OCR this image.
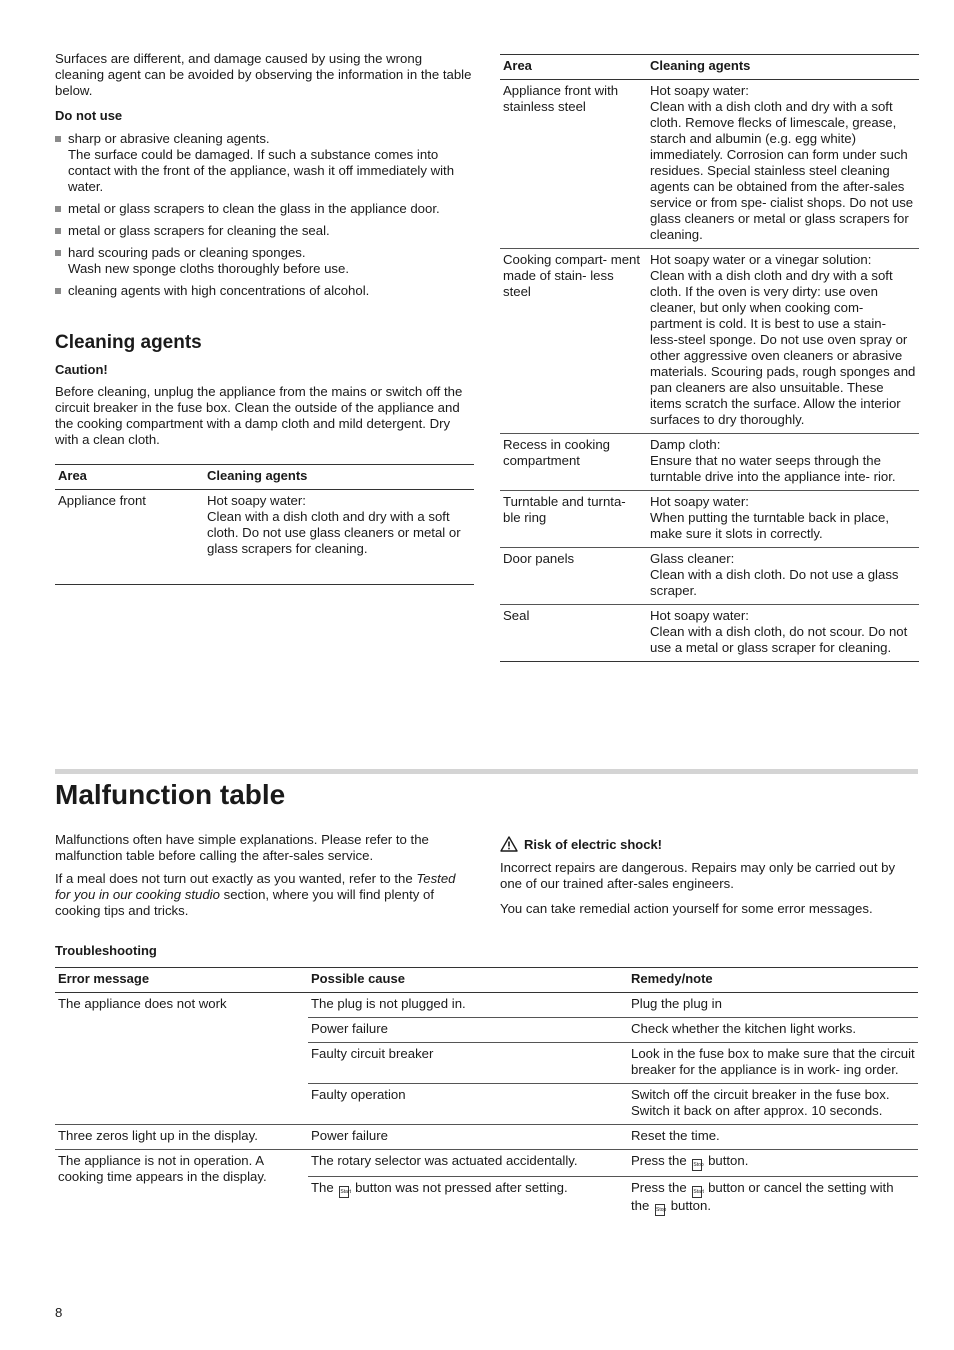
Surfaces are different, and damage caused by using the wrong cleaning agent can be avoided by observing the information in the table below.

Do not use
sharp or abrasive cleaning agents.
The surface could be damaged. If such a substance comes into contact with the front of the appliance, wash it off immediately with water.
metal or glass scrapers to clean the glass in the appliance door.
metal or glass scrapers for cleaning the seal.
hard scouring pads or cleaning sponges.
Wash new sponge cloths thoroughly before use.
cleaning agents with high concentrations of alcohol.
Cleaning agents
Caution!

Before cleaning, unplug the appliance from the mains or switch off the circuit breaker in the fuse box. Clean the outside of the appliance and the cooking compartment with a damp cloth and mild detergent. Dry with a clean cloth.

Area	Cleaning agents
Appliance front	Hot soapy water:
Clean with a dish cloth and dry with a soft cloth. Do not use glass cleaners or metal or glass scrapers for cleaning.
Area	Cleaning agents
Appliance front with stainless steel	Hot soapy water:
Clean with a dish cloth and dry with a soft cloth. Remove flecks of limescale, grease, starch and albumin (e.g. egg white) immediately. Corrosion can form under such residues. Special stainless steel cleaning agents can be obtained from the after-sales service or from spe- cialist shops. Do not use glass cleaners or metal or glass scrapers for cleaning.
Cooking compart- ment made of stain- less steel	Hot soapy water or a vinegar solution:
Clean with a dish cloth and dry with a soft cloth. If the oven is very dirty: use oven cleaner, but only when cooking com- partment is cold. It is best to use a stain- less-steel sponge. Do not use oven spray or other aggressive oven cleaners or abrasive materials. Scouring pads, rough sponges and pan cleaners are also unsuitable. These items scratch the surface. Allow the interior surfaces to dry thoroughly.
Recess in cooking compartment	Damp cloth:
Ensure that no water seeps through the turntable drive into the appliance inte- rior.
Turntable and turnta- ble ring	Hot soapy water:
When putting the turntable back in place, make sure it slots in correctly.
Door panels	Glass cleaner:
Clean with a dish cloth. Do not use a glass scraper.
Seal	Hot soapy water:
Clean with a dish cloth, do not scour. Do not use a metal or glass scraper for cleaning.
Malfunction table

Malfunctions often have simple explanations. Please refer to the malfunction table before calling the after-sales service.

If a meal does not turn out exactly as you wanted, refer to the Tested for you in our cooking studio section, where you will find plenty of cooking tips and tricks.

Risk of electric shock!

Incorrect repairs are dangerous. Repairs may only be carried out by one of our trained after-sales engineers.

You can take remedial action yourself for some error messages.

Troubleshooting
Error message	Possible cause	Remedy/note
The appliance does not work	The plug is not plugged in.	Plug the plug in
	Power failure	Check whether the kitchen light works.
	Faulty circuit breaker	Look in the fuse box to make sure that the circuit breaker for the appliance is in work- ing order.
	Faulty operation	Switch off the circuit breaker in the fuse box. Switch it back on after approx. 10 seconds.
Three zeros light up in the display.	Power failure	Reset the time.
The appliance is not in operation. A cooking time appears in the display.	The rotary selector was actuated accidentally.	Press the Stop button.
	The Start button was not pressed after setting.	Press the Start button or cancel the setting with the Stop button.
8
